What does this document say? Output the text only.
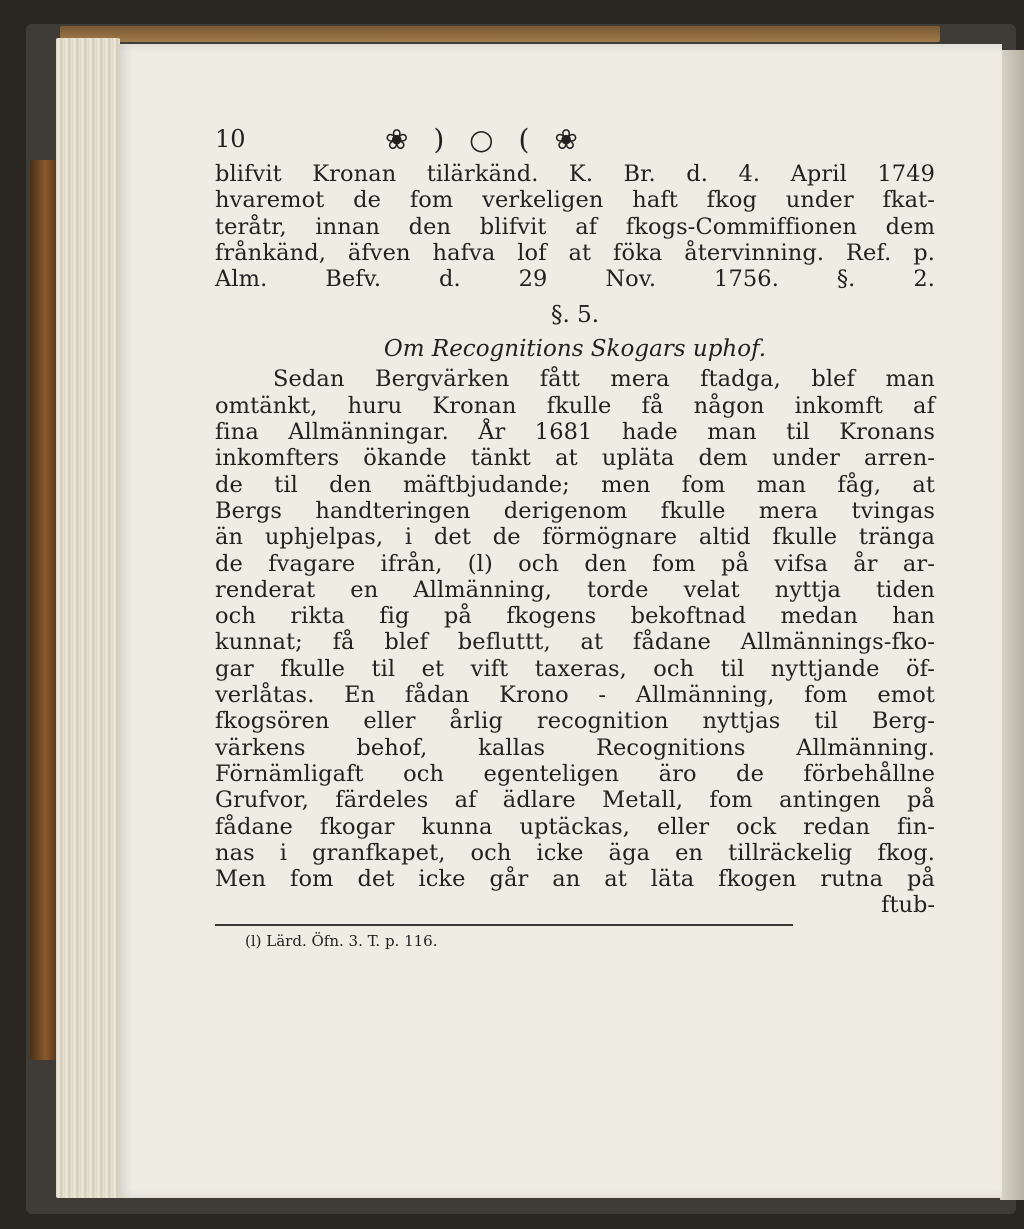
10	❀ ) ○ ( ❀
blifvit Kronan tilärkänd. K. Br. d. 4. April 1749
hvaremot de fom verkeligen haft fkog under fkat-
teråtr, innan den blifvit af fkogs-Commiffionen dem
frånkänd, äfven hafva lof at föka återvinning. Ref. p.
Alm. Befv. d. 29 Nov. 1756. §. 2.
§. 5.
Om Recognitions Skogars uphof.
Sedan Bergvärken fått mera ftadga, blef man
omtänkt, huru Kronan fkulle få någon inkomft af
fina Allmänningar. År 1681 hade man til Kronans
inkomfters ökande tänkt at upläta dem under arren-
de til den mäftbjudande; men fom man fåg, at
Bergs handteringen derigenom fkulle mera tvingas
än uphjelpas, i det de förmögnare altid fkulle tränga
de fvagare ifrån, (l) och den fom på vifsa år ar-
renderat en Allmänning, torde velat nyttja tiden
och rikta fig på fkogens bekoftnad medan han
kunnat; få blef befluttt, at fådane Allmännings-fko-
gar fkulle til et vift taxeras, och til nyttjande öf-
verlåtas. En fådan Krono - Allmänning, fom emot
fkogsören eller årlig recognition nyttjas til Berg-
värkens behof, kallas Recognitions Allmänning.
Förnämligaft och egenteligen äro de förbehållne
Grufvor, färdeles af ädlare Metall, fom antingen på
fådane fkogar kunna uptäckas, eller ock redan fin-
nas i granfkapet, och icke äga en tillräckelig fkog.
Men fom det icke går an at läta fkogen rutna på
ftub-
(l) Lärd. Öfn. 3. T. p. 116.
